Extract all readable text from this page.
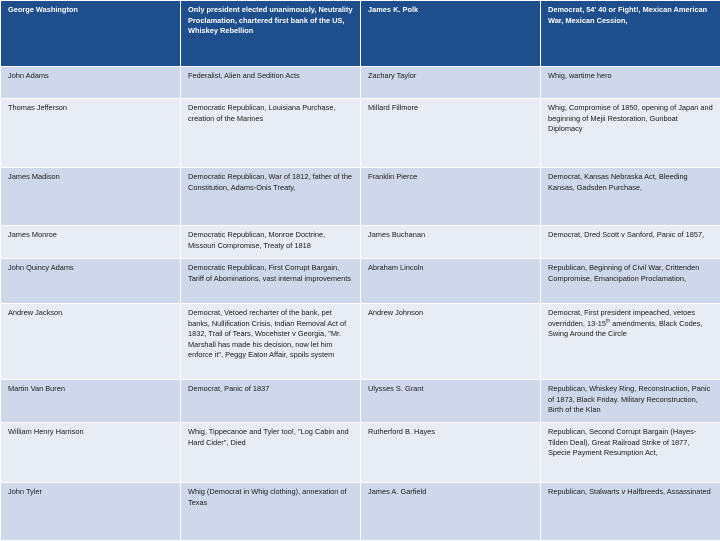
George Washington	Only president elected unanimously, Neutrality Proclamation, chartered first bank of the US, Whiskey Rebellion	James K. Polk	Democrat, 54' 40 or Fight!, Mexican American War, Mexican Cession,
John Adams	Federalist, Alien and Sedition Acts	Zachary Taylor	Whig, wartime hero
Thomas Jefferson	Democratic Republican, Louisiana Purchase, creation of the Marines	Millard Fillmore	Whig, Compromise of 1850, opening of Japan and beginning of Mejii Restoration, Gunboat Diplomacy
James Madison	Democratic Republican, War of 1812, father of the Constitution, Adams-Onis Treaty,	Franklin Pierce	Democrat, Kansas Nebraska Act, Bleeding Kansas, Gadsden Purchase,
James Monroe	Democratic Republican, Monroe Doctrine, Missouri Compromise, Treaty of 1818	James Buchanan	Democrat, Dred Scott v Sanford, Panic of 1857,
John Quincy Adams	Democratic Republican, First Corrupt Bargain, Tariff of Abominations, vast internal improvements	Abraham Lincoln	Republican, Beginning of Civil War, Crittenden Compromise, Emancipation Proclamation,
Andrew Jackson	Democrat, Vetoed recharter of the bank, pet banks, Nullification Crisis, Indian Removal Act of 1832, Trail of Tears, Wocehster v Georgia, "Mr. Marshall has made his decision, now let him enforce it", Peggy Eaton Affair, spoils system	Andrew Johnson	Democrat, First president impeached, vetoes overridden, 13-15th amendments, Black Codes, Swing Around the Circle
Martin Van Buren	Democrat, Panic of 1837	Ulysses S. Grant	Republican, Whiskey Ring, Reconstruction, Panic of 1873, Black Friday. Military Reconstruction, Birth of the Klan
William Henry Harrison	Whig, Tippecanoe and Tyler too!, "Log Cabin and Hard Cider", Died	Rutherford B. Hayes	Republican, Second Corrupt Bargain (Hayes-Tilden Deal), Great Railroad Strike of 1877, Specie Payment Resumption Act,
John Tyler	Whig (Democrat in Whig clothing), annexation of Texas	James A. Garfield	Republican, Stalwarts v Halfbreeds, Assassinated
